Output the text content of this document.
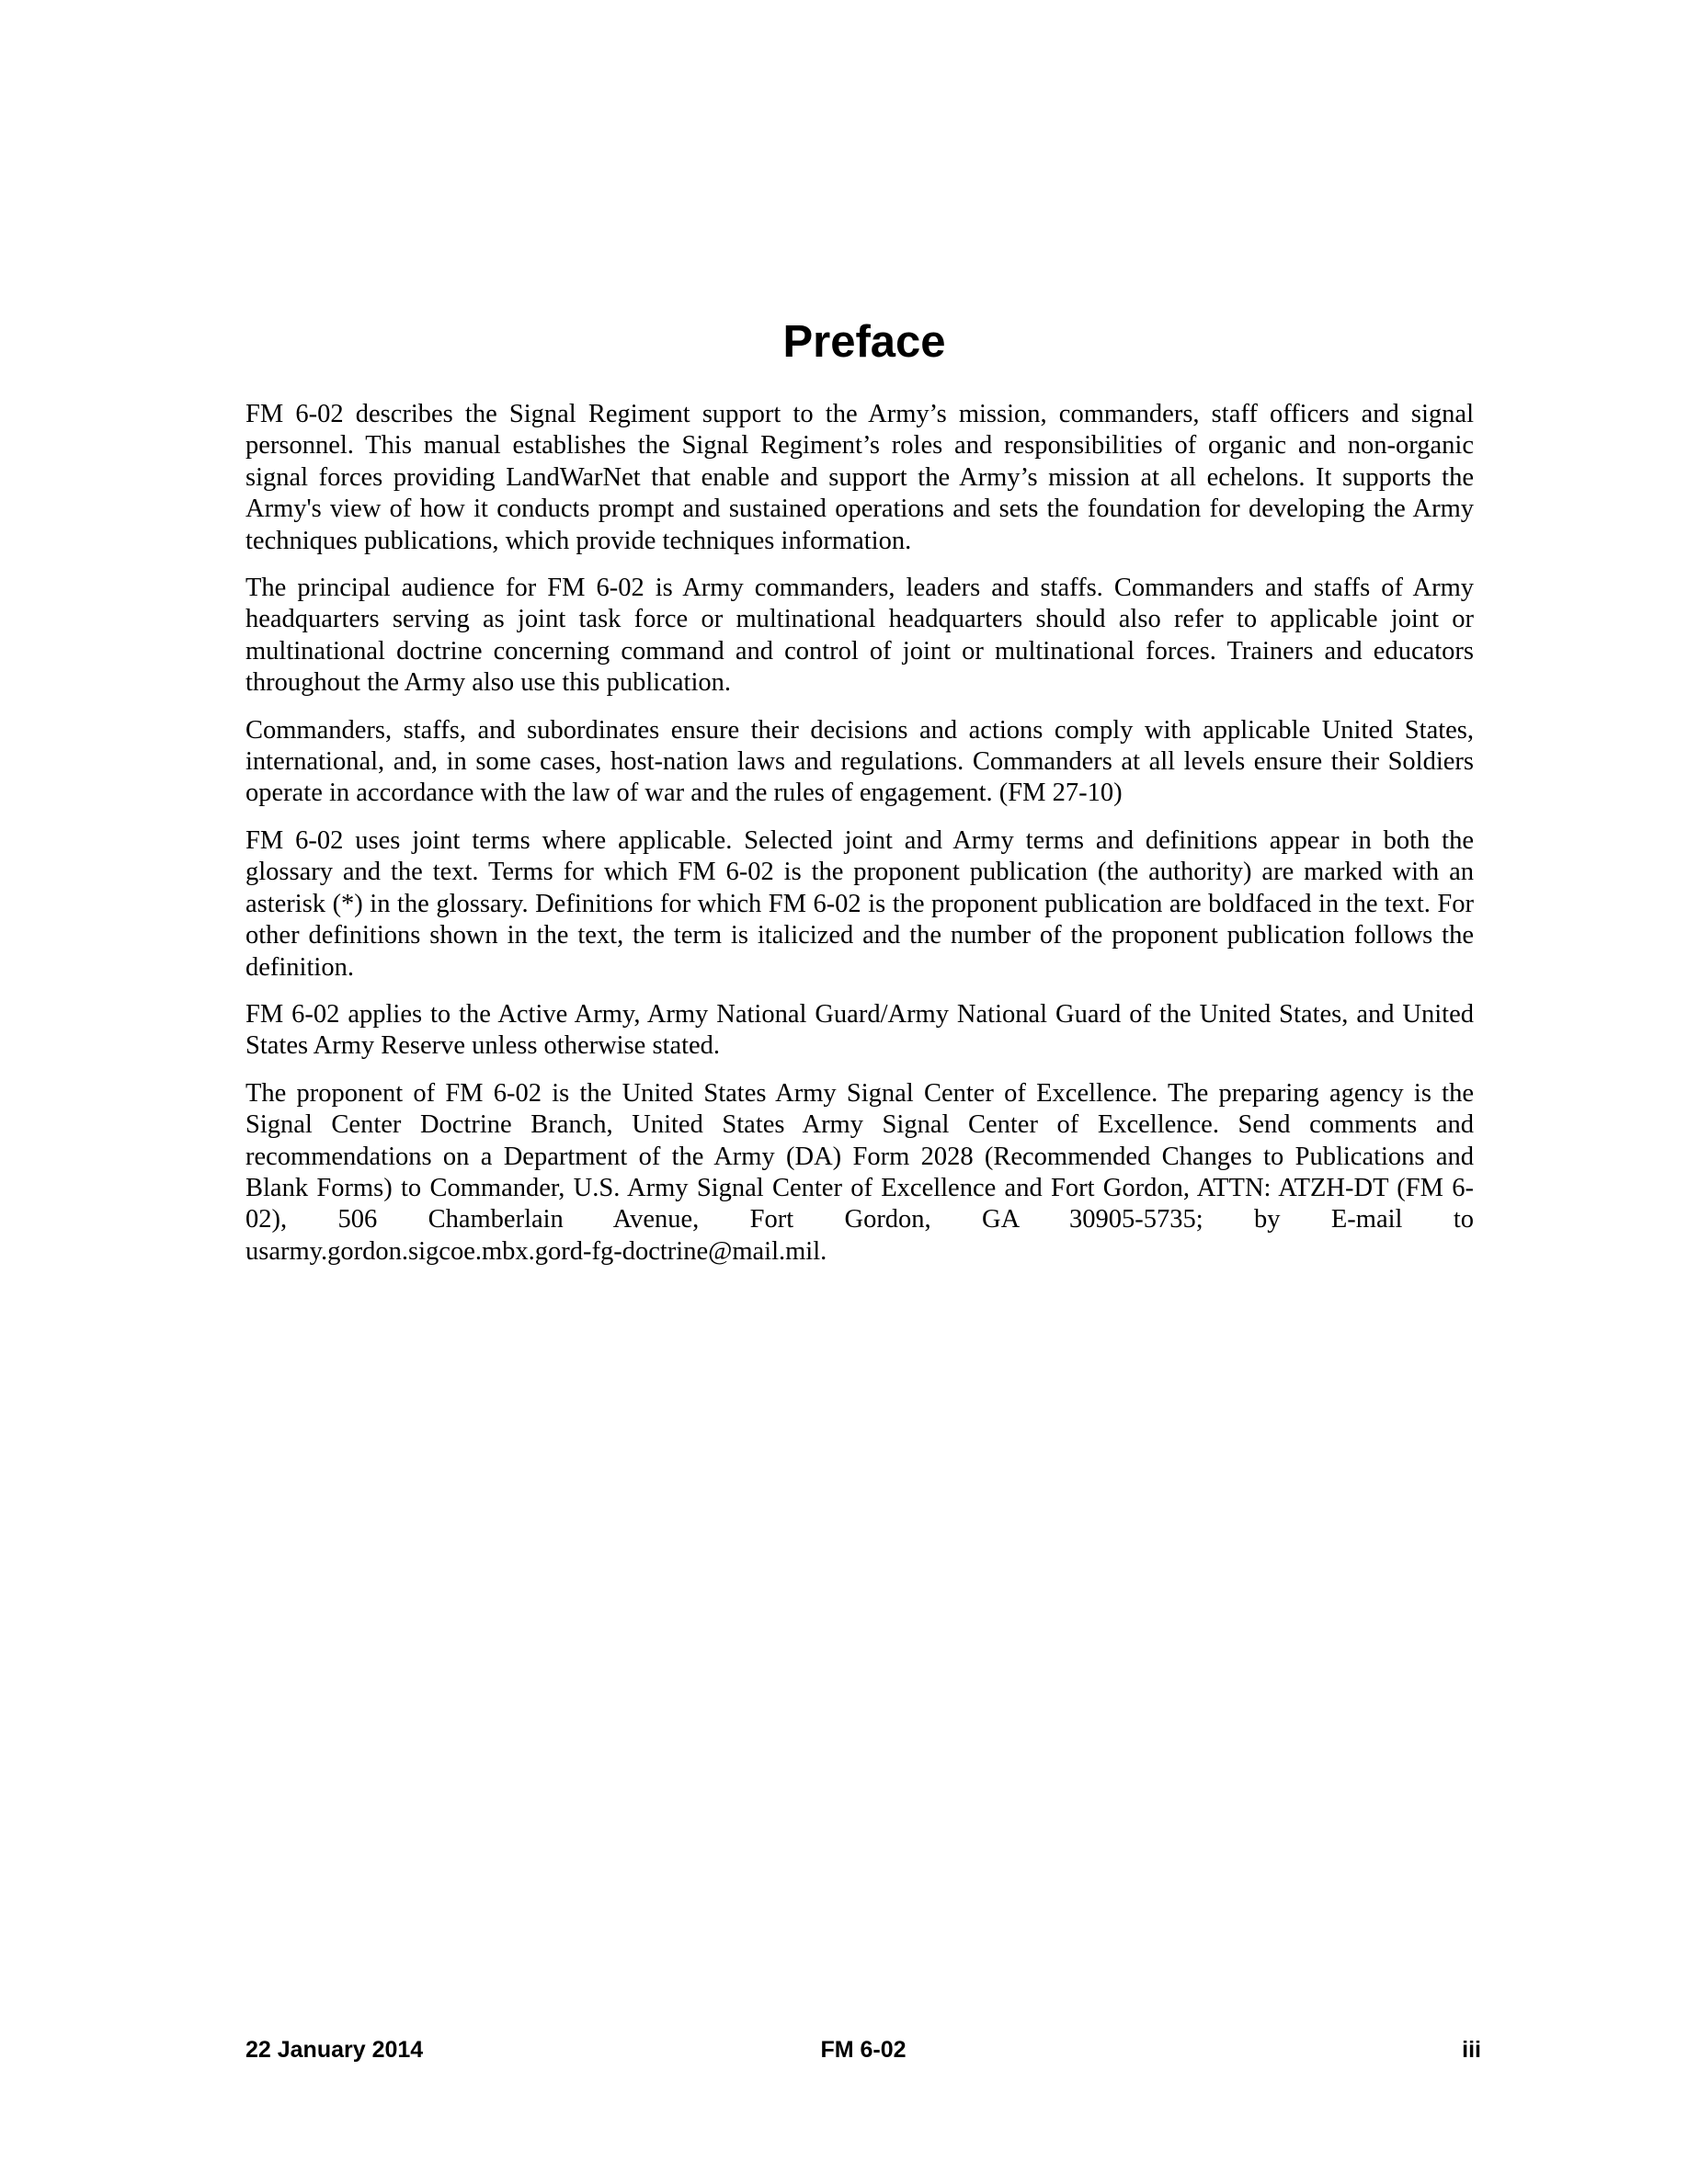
Preface

FM 6-02 describes the Signal Regiment support to the Army’s mission, commanders, staff officers and signal personnel. This manual establishes the Signal Regiment’s roles and responsibilities of organic and non-organic signal forces providing LandWarNet that enable and support the Army’s mission at all echelons. It supports the Army's view of how it conducts prompt and sustained operations and sets the foundation for developing the Army techniques publications, which provide techniques information.

The principal audience for FM 6-02 is Army commanders, leaders and staffs. Commanders and staffs of Army headquarters serving as joint task force or multinational headquarters should also refer to applicable joint or multinational doctrine concerning command and control of joint or multinational forces. Trainers and educators throughout the Army also use this publication.

Commanders, staffs, and subordinates ensure their decisions and actions comply with applicable United States, international, and, in some cases, host-nation laws and regulations. Commanders at all levels ensure their Soldiers operate in accordance with the law of war and the rules of engagement. (FM 27-10)

FM 6-02 uses joint terms where applicable. Selected joint and Army terms and definitions appear in both the glossary and the text. Terms for which FM 6-02 is the proponent publication (the authority) are marked with an asterisk (*) in the glossary. Definitions for which FM 6-02 is the proponent publication are boldfaced in the text. For other definitions shown in the text, the term is italicized and the number of the proponent publication follows the definition.

FM 6-02 applies to the Active Army, Army National Guard/Army National Guard of the United States, and United States Army Reserve unless otherwise stated.

The proponent of FM 6-02 is the United States Army Signal Center of Excellence. The preparing agency is the Signal Center Doctrine Branch, United States Army Signal Center of Excellence. Send comments and recommendations on a Department of the Army (DA) Form 2028 (Recommended Changes to Publications and Blank Forms) to Commander, U.S. Army Signal Center of Excellence and Fort Gordon, ATTN: ATZH-DT (FM 6-02), 506 Chamberlain Avenue, Fort Gordon, GA 30905-5735; by E-mail to

usarmy.gordon.sigcoe.mbx.gord-fg-doctrine@mail.mil.

22 January 2014	FM 6-02	iii
